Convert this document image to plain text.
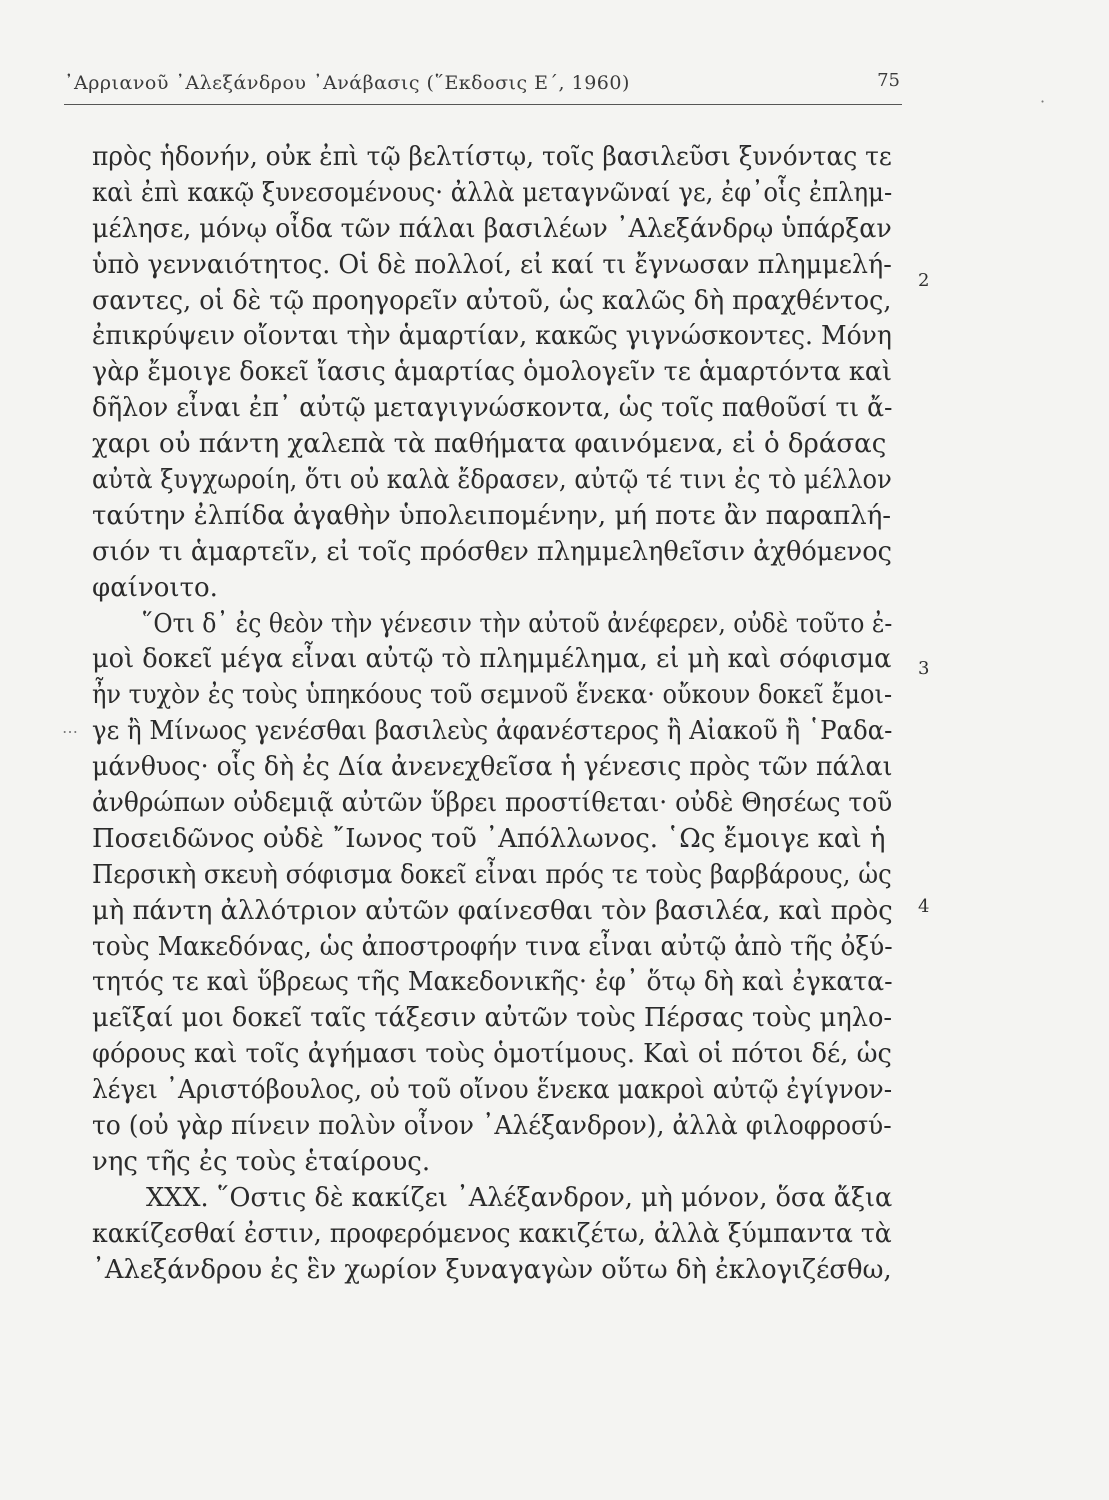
᾿Αρριανοῦ ᾿Αλεξάνδρου ᾿Ανάβασις (῞Εκδοσις Ε΄, 1960)	75
πρὸς ἡδονήν, οὐκ ἐπὶ τῷ βελτίστῳ, τοῖς βασιλεῦσι ξυνόντας τε
καὶ ἐπὶ κακῷ ξυνεσομένους· ἀλλὰ μεταγνῶναί γε, ἐφ᾿οἷς ἐπλημ-
μέλησε, μόνῳ οἶδα τῶν πάλαι βασιλέων ᾿Αλεξάνδρῳ ὑπάρξαν
ὑπὸ γενναιότητος. Οἱ δὲ πολλοί, εἰ καί τι ἔγνωσαν πλημμελή-
σαντες, οἱ δὲ τῷ προηγορεῖν αὐτοῦ, ὡς καλῶς δὴ πραχθέντος,
ἐπικρύψειν οἴονται τὴν ἁμαρτίαν, κακῶς γιγνώσκοντες. Μόνη
γὰρ ἔμοιγε δοκεῖ ἴασις ἁμαρτίας ὁμολογεῖν τε ἁμαρτόντα καὶ
δῆλον εἶναι ἐπ᾿ αὐτῷ μεταγιγνώσκοντα, ὡς τοῖς παθοῦσί τι ἄ-
χαρι οὐ πάντη χαλεπὰ τὰ παθήματα φαινόμενα, εἰ ὁ δράσας
αὐτὰ ξυγχωροίη, ὅτι οὐ καλὰ ἔδρασεν, αὐτῷ τέ τινι ἐς τὸ μέλλον
ταύτην ἐλπίδα ἀγαθὴν ὑπολειπομένην, μή ποτε ἂν παραπλή-
σιόν τι ἁμαρτεῖν, εἰ τοῖς πρόσθεν πλημμεληθεῖσιν ἀχθόμενος
φαίνοιτο.
῞Οτι δ᾿ ἐς θεὸν τὴν γένεσιν τὴν αὐτοῦ ἀνέφερεν, οὐδὲ τοῦτο ἐ-
μοὶ δοκεῖ μέγα εἶναι αὐτῷ τὸ πλημμέλημα, εἰ μὴ καὶ σόφισμα
ἦν τυχὸν ἐς τοὺς ὑπηκόους τοῦ σεμνοῦ ἕνεκα· οὔκουν δοκεῖ ἔμοι-
γε ἢ Μίνωος γενέσθαι βασιλεὺς ἀφανέστερος ἢ Αἰακοῦ ἢ ῾Ραδα-
μάνθυος· οἷς δὴ ἐς Δία ἀνενεχθεῖσα ἡ γένεσις πρὸς τῶν πάλαι
ἀνθρώπων οὐδεμιᾷ αὐτῶν ὕβρει προστίθεται· οὐδὲ Θησέως τοῦ
Ποσειδῶνος οὐδὲ ῎Ιωνος τοῦ ᾿Απόλλωνος. ῾Ως ἔμοιγε καὶ ἡ
Περσικὴ σκευὴ σόφισμα δοκεῖ εἶναι πρός τε τοὺς βαρβάρους, ὡς
μὴ πάντη ἀλλότριον αὐτῶν φαίνεσθαι τὸν βασιλέα, καὶ πρὸς
τοὺς Μακεδόνας, ὡς ἀποστροφήν τινα εἶναι αὐτῷ ἀπὸ τῆς ὀξύ-
τητός τε καὶ ὕβρεως τῆς Μακεδονικῆς· ἐφ᾿ ὅτῳ δὴ καὶ ἐγκατα-
μεῖξαί μοι δοκεῖ ταῖς τάξεσιν αὐτῶν τοὺς Πέρσας τοὺς μηλο-
φόρους καὶ τοῖς ἀγήμασι τοὺς ὁμοτίμους. Καὶ οἱ πότοι δέ, ὡς
λέγει ᾿Αριστόβουλος, οὐ τοῦ οἴνου ἕνεκα μακροὶ αὐτῷ ἐγίγνον-
το (οὐ γὰρ πίνειν πολὺν οἶνον ᾿Αλέξανδρον), ἀλλὰ φιλοφροσύ-
νης τῆς ἐς τοὺς ἑταίρους.
XXX. ῞Οστις δὲ κακίζει ᾿Αλέξανδρον, μὴ μόνον, ὅσα ἄξια
κακίζεσθαί ἐστιν, προφερόμενος κακιζέτω, ἀλλὰ ξύμπαντα τὰ
᾿Αλεξάνδρου ἐς ἓν χωρίον ξυναγαγὼν οὕτω δὴ ἐκλογιζέσθω,
2
3
4
⋯
·
